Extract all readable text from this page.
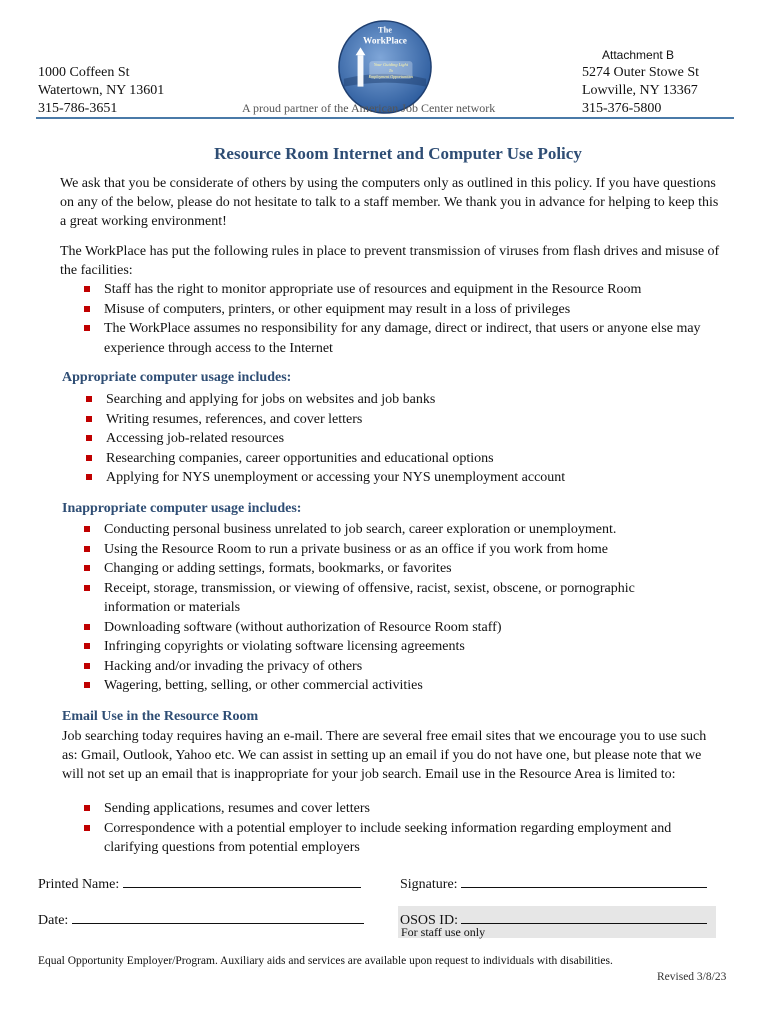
Attachment B
1000 Coffeen St
Watertown, NY 13601
315-786-3651
5274 Outer Stowe St
Lowville, NY 13367
315-376-5800
The
WorkPlace
Your Guiding Light
To
Employment Opportunities
A proud partner of the American Job Center network
Resource Room Internet and Computer Use Policy
We ask that you be considerate of others by using the computers only as outlined in this policy. If you have questions on any of the below, please do not hesitate to talk to a staff member. We thank you in advance for helping to keep this a great working environment!
The WorkPlace has put the following rules in place to prevent transmission of viruses from flash drives and misuse of the facilities:
Staff has the right to monitor appropriate use of resources and equipment in the Resource Room
Misuse of computers, printers, or other equipment may result in a loss of privileges
The WorkPlace assumes no responsibility for any damage, direct or indirect, that users or anyone else may experience through access to the Internet
Appropriate computer usage includes:
Searching and applying for jobs on websites and job banks
Writing resumes, references, and cover letters
Accessing job-related resources
Researching companies, career opportunities and educational options
Applying for NYS unemployment or accessing your NYS unemployment account
Inappropriate computer usage includes:
Conducting personal business unrelated to job search, career exploration or unemployment.
Using the Resource Room to run a private business or as an office if you work from home
Changing or adding settings, formats, bookmarks, or favorites
Receipt, storage, transmission, or viewing of offensive, racist, sexist, obscene, or pornographic information or materials
Downloading software (without authorization of Resource Room staff)
Infringing copyrights or violating software licensing agreements
Hacking and/or invading the privacy of others
Wagering, betting, selling, or other commercial activities
Email Use in the Resource Room
Job searching today requires having an e-mail. There are several free email sites that we encourage you to use such as: Gmail, Outlook, Yahoo etc. We can assist in setting up an email if you do not have one, but please note that we will not set up an email that is inappropriate for your job search. Email use in the Resource Area is limited to:
Sending applications, resumes and cover letters
Correspondence with a potential employer to include seeking information regarding employment and clarifying questions from potential employers
Printed Name:	Signature:
Date:	OSOS ID:
For staff use only
Equal Opportunity Employer/Program. Auxiliary aids and services are available upon request to individuals with disabilities.
Revised 3/8/23
